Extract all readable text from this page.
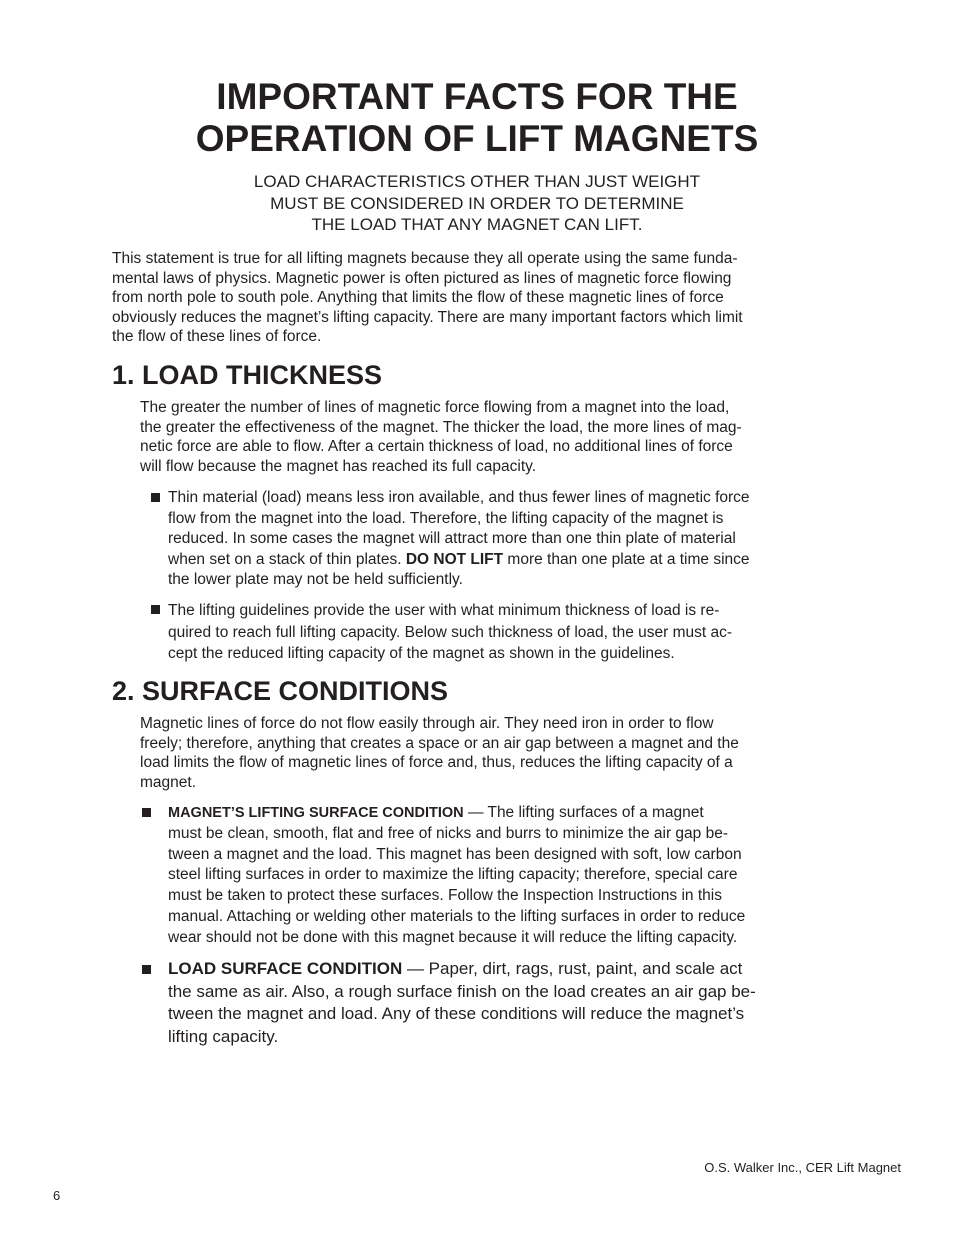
IMPORTANT FACTS FOR THE
OPERATION OF LIFT MAGNETS
LOAD CHARACTERISTICS OTHER THAN JUST WEIGHT
MUST BE CONSIDERED IN ORDER TO DETERMINE
THE LOAD THAT ANY MAGNET CAN LIFT.
This statement is true for all lifting magnets because they all operate using the same funda-
mental laws of physics. Magnetic power is often pictured as lines of magnetic force flowing
from north pole to south pole. Anything that limits the flow of these magnetic lines of force
obviously reduces the magnet’s lifting capacity. There are many important factors which limit
the flow of these lines of force.
1. LOAD THICKNESS
The greater the number of lines of magnetic force flowing from a magnet into the load,
the greater the effectiveness of the magnet. The thicker the load, the more lines of mag-
netic force are able to flow. After a certain thickness of load, no additional lines of force
will flow because the magnet has reached its full capacity.
Thin material (load) means less iron available, and thus fewer lines of magnetic force
flow from the magnet into the load. Therefore, the lifting capacity of the magnet is
reduced. In some cases the magnet will attract more than one thin plate of material
when set on a stack of thin plates. DO NOT LIFT more than one plate at a time since
the lower plate may not be held sufficiently.
The lifting guidelines provide the user with what minimum thickness of load is re-
quired to reach full lifting capacity. Below such thickness of load, the user must ac-
cept the reduced lifting capacity of the magnet as shown in the guidelines.
2. SURFACE CONDITIONS
Magnetic lines of force do not flow easily through air. They need iron in order to flow
freely; therefore, anything that creates a space or an air gap between a magnet and the
load limits the flow of magnetic lines of force and, thus, reduces the lifting capacity of a
magnet.
MAGNET’S LIFTING SURFACE CONDITION — The lifting surfaces of a magnet
must be clean, smooth, flat and free of nicks and burrs to minimize the air gap be-
tween a magnet and the load. This magnet has been designed with soft, low carbon
steel lifting surfaces in order to maximize the lifting capacity; therefore, special care
must be taken to protect these surfaces. Follow the Inspection Instructions in this
manual. Attaching or welding other materials to the lifting surfaces in order to reduce
wear should not be done with this magnet because it will reduce the lifting capacity.
LOAD SURFACE CONDITION — Paper, dirt, rags, rust, paint, and scale act
the same as air. Also, a rough surface finish on the load creates an air gap be-
tween the magnet and load. Any of these conditions will reduce the magnet’s
lifting capacity.
O.S. Walker Inc., CER Lift Magnet
6
